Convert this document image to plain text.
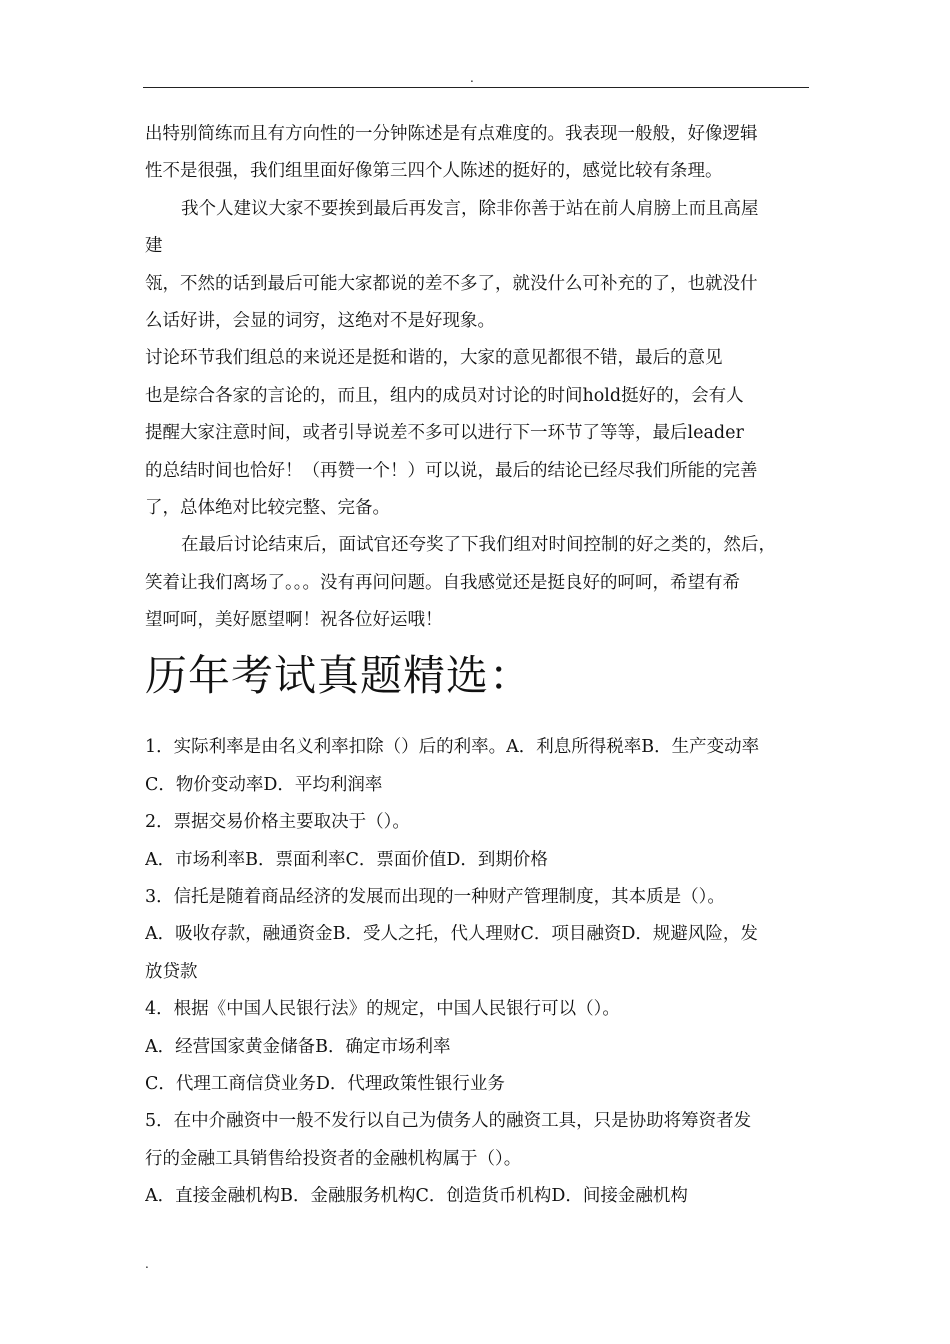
.
出特别简练而且有方向性的一分钟陈述是有点难度的。我表现一般般，好像逻辑
性不是很强，我们组里面好像第三四个人陈述的挺好的，感觉比较有条理。
我个人建议大家不要挨到最后再发言，除非你善于站在前人肩膀上而且高屋
建
瓴，不然的话到最后可能大家都说的差不多了，就没什么可补充的了，也就没什
么话好讲，会显的词穷，这绝对不是好现象。
讨论环节我们组总的来说还是挺和谐的，大家的意见都很不错，最后的意见
也是综合各家的言论的，而且，组内的成员对讨论的时间hold挺好的，会有人
提醒大家注意时间，或者引导说差不多可以进行下一环节了等等，最后leader
的总结时间也恰好！（再赞一个！）可以说，最后的结论已经尽我们所能的完善
了，总体绝对比较完整、完备。
在最后讨论结束后，面试官还夸奖了下我们组对时间控制的好之类的，然后，
笑着让我们离场了。。。没有再问问题。自我感觉还是挺良好的呵呵，希望有希
望呵呵，美好愿望啊！祝各位好运哦！
历年考试真题精选：
1．实际利率是由名义利率扣除（）后的利率。A．利息所得税率B．生产变动率
C．物价变动率D．平均利润率
2．票据交易价格主要取决于（）。
A．市场利率B．票面利率C．票面价值D．到期价格
3．信托是随着商品经济的发展而出现的一种财产管理制度，其本质是（）。
A．吸收存款，融通资金B．受人之托，代人理财C．项目融资D．规避风险，发
放贷款
4．根据《中国人民银行法》的规定，中国人民银行可以（）。
A．经营国家黄金储备B．确定市场利率
C．代理工商信贷业务D．代理政策性银行业务
5．在中介融资中一般不发行以自己为债务人的融资工具，只是协助将筹资者发
行的金融工具销售给投资者的金融机构属于（）。
A．直接金融机构B．金融服务机构C．创造货币机构D．间接金融机构
.
